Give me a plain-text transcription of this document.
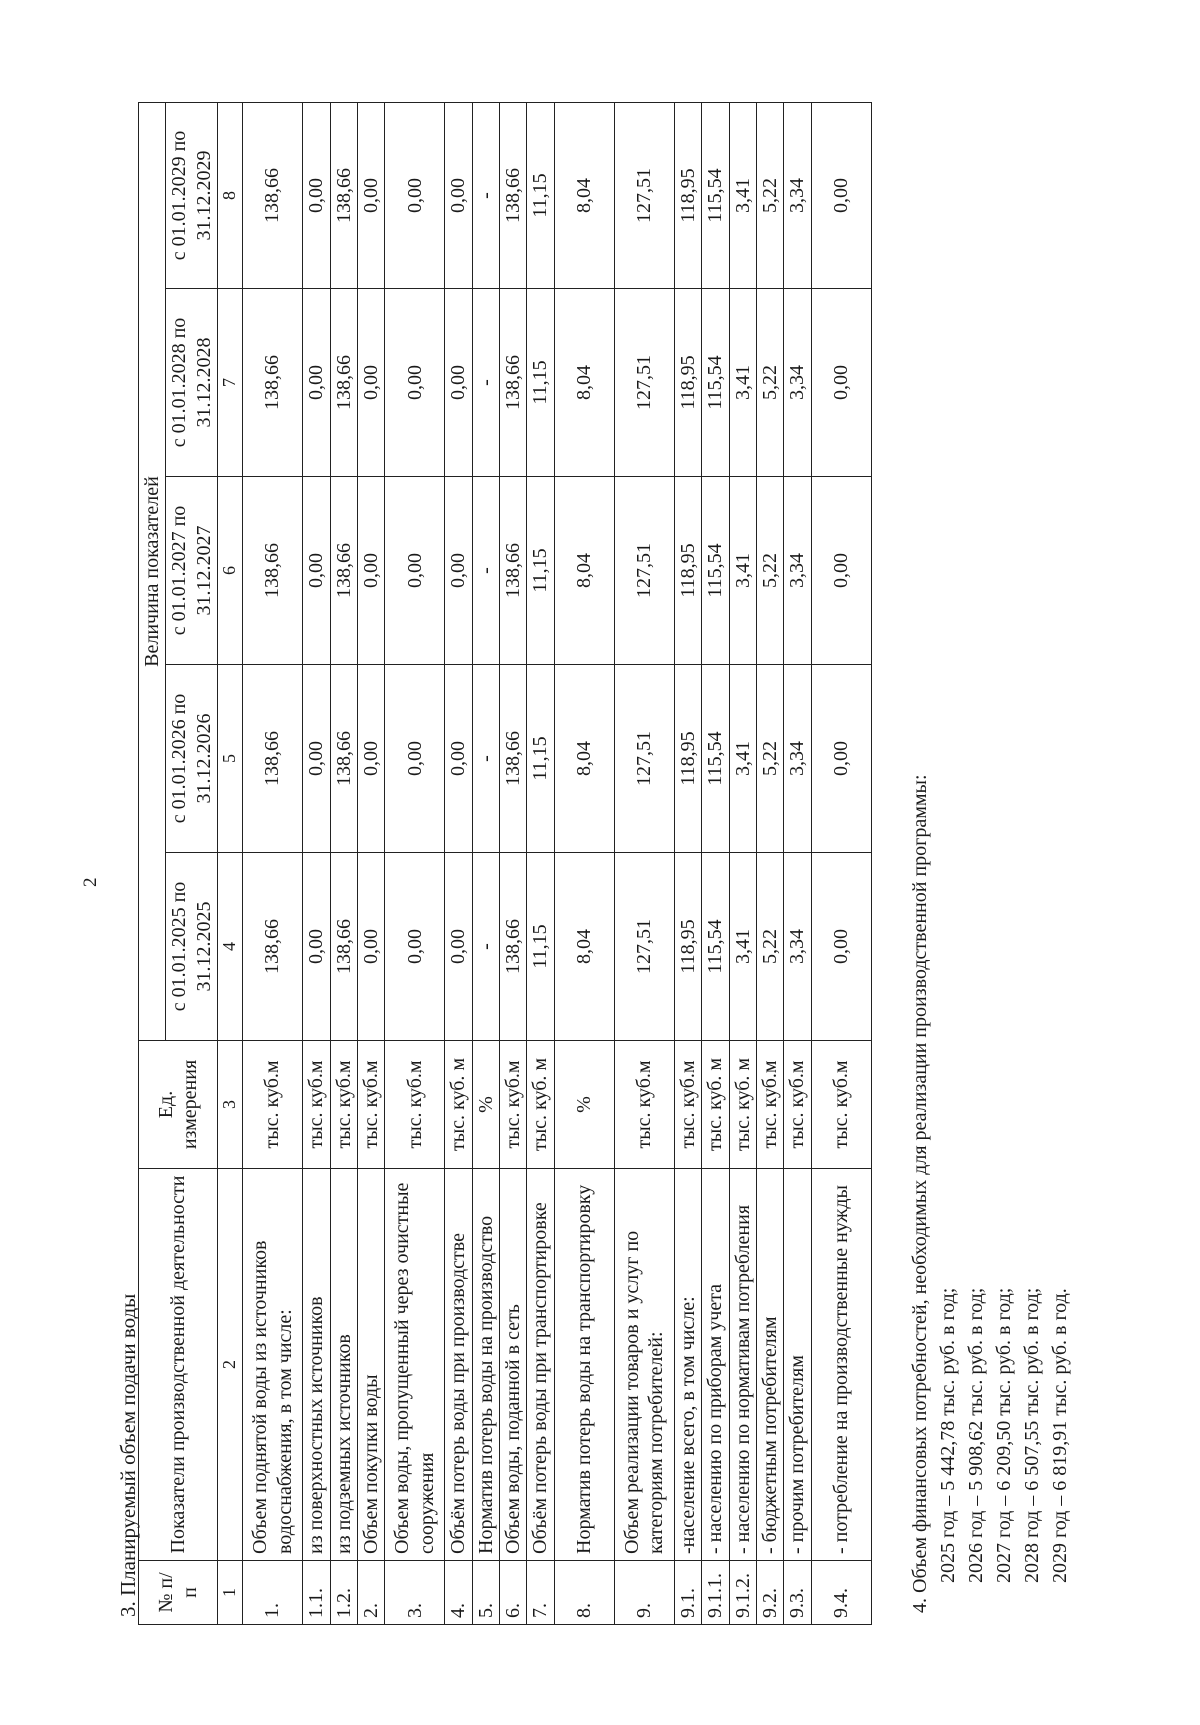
2
3. Планируемый объем подачи воды № п/п	Показатели производственной деятельности	Ед. измерения	Величина показателей				
			с 01.01.2025 по 31.12.2025	с 01.01.2026 по 31.12.2026	с 01.01.2027 по 31.12.2027	с 01.01.2028 по 31.12.2028	с 01.01.2029 по 31.12.2029
1	2	3	4	5	6	7	8
1.	Объем поднятой воды из источников водоснабжения, в том числе:	тыс. куб.м	138,66	138,66	138,66	138,66	138,66
1.1.	из поверхностных источников	тыс. куб.м	0,00	0,00	0,00	0,00	0,00
1.2.	из подземных источников	тыс. куб.м	138,66	138,66	138,66	138,66	138,66
2.	Объем покупки воды	тыс. куб.м	0,00	0,00	0,00	0,00	0,00
3.	Объем воды, пропущенный через очистные сооружения	тыс. куб.м	0,00	0,00	0,00	0,00	0,00
4.	Объём потерь воды при производстве	тыс. куб. м	0,00	0,00	0,00	0,00	0,00
5.	Норматив потерь воды на производство	%	-	-	-	-	-
6.	Объем воды, поданной в сеть	тыс. куб.м	138,66	138,66	138,66	138,66	138,66
7.	Объём потерь воды при транспортировке	тыс. куб. м	11,15	11,15	11,15	11,15	11,15
8.	Норматив потерь воды на транспортировку	%	8,04	8,04	8,04	8,04	8,04
9.	Объем реализации товаров и услуг по категориям потребителей:	тыс. куб.м	127,51	127,51	127,51	127,51	127,51
9.1.	-население всего, в том числе:	тыс. куб.м	118,95	118,95	118,95	118,95	118,95
9.1.1.	- населению по приборам учета	тыс. куб. м	115,54	115,54	115,54	115,54	115,54
9.1.2.	- населению по нормативам потребления	тыс. куб. м	3,41	3,41	3,41	3,41	3,41
9.2.	- бюджетным потребителям	тыс. куб.м	5,22	5,22	5,22	5,22	5,22
9.3.	- прочим потребителям	тыс. куб.м	3,34	3,34	3,34	3,34	3,34
9.4.	- потребление на производственные нужды	тыс. куб.м	0,00	0,00	0,00	0,00	0,00
4. Объем финансовых потребностей, необходимых для реализации производственной программы: 2025 год – 5 442,78 тыс. руб. в год; 2026 год – 5 908,62 тыс. руб. в год; 2027 год – 6 209,50 тыс. руб. в год; 2028 год – 6 507,55 тыс. руб. в год; 2029 год – 6 819,91 тыс. руб. в год.
